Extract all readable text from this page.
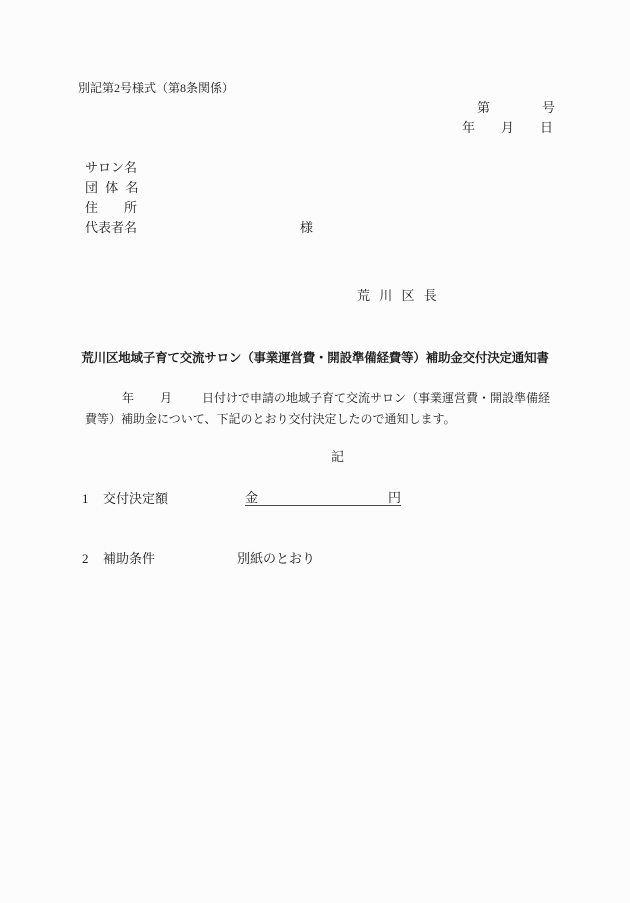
別記第2号様式（第8条関係）
第　　　　号
年　　月　　日
サロン名
団 体 名
住　　所
代表者名	様
荒 川 区 長
荒川区地域子育て交流サロン（事業運営費・開設準備経費等）補助金交付決定通知書
年 月 日付けで申請の地域子育て交流サロン（事業運営費・開設準備経
費等）補助金について、下記のとおり交付決定したので通知します。
記
1 交付決定額	金	円
2 補助条件	別紙のとおり
